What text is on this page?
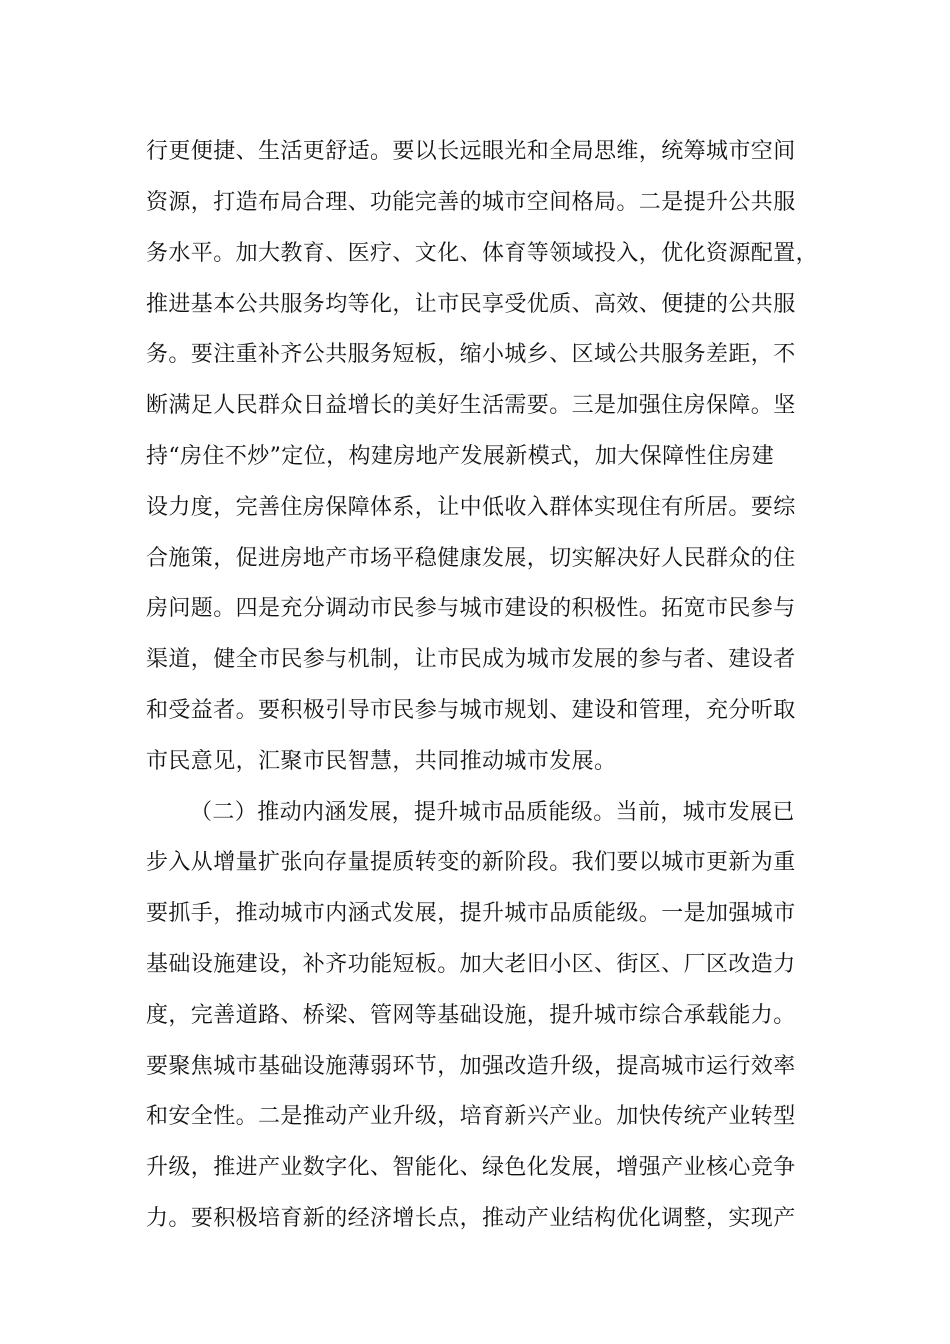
行更便捷、生活更舒适。要以长远眼光和全局思维，统筹城市空间
资源，打造布局合理、功能完善的城市空间格局。二是提升公共服
务水平。加大教育、医疗、文化、体育等领域投入，优化资源配置，
推进基本公共服务均等化，让市民享受优质、高效、便捷的公共服
务。要注重补齐公共服务短板，缩小城乡、区域公共服务差距，不
断满足人民群众日益增长的美好生活需要。三是加强住房保障。坚
持“房住不炒”定位，构建房地产发展新模式，加大保障性住房建
设力度，完善住房保障体系，让中低收入群体实现住有所居。要综
合施策，促进房地产市场平稳健康发展，切实解决好人民群众的住
房问题。四是充分调动市民参与城市建设的积极性。拓宽市民参与
渠道，健全市民参与机制，让市民成为城市发展的参与者、建设者
和受益者。要积极引导市民参与城市规划、建设和管理，充分听取
市民意见，汇聚市民智慧，共同推动城市发展。
（二）推动内涵发展，提升城市品质能级。当前，城市发展已
步入从增量扩张向存量提质转变的新阶段。我们要以城市更新为重
要抓手，推动城市内涵式发展，提升城市品质能级。一是加强城市
基础设施建设，补齐功能短板。加大老旧小区、街区、厂区改造力
度，完善道路、桥梁、管网等基础设施，提升城市综合承载能力。
要聚焦城市基础设施薄弱环节，加强改造升级，提高城市运行效率
和安全性。二是推动产业升级，培育新兴产业。加快传统产业转型
升级，推进产业数字化、智能化、绿色化发展，增强产业核心竞争
力。要积极培育新的经济增长点，推动产业结构优化调整，实现产
